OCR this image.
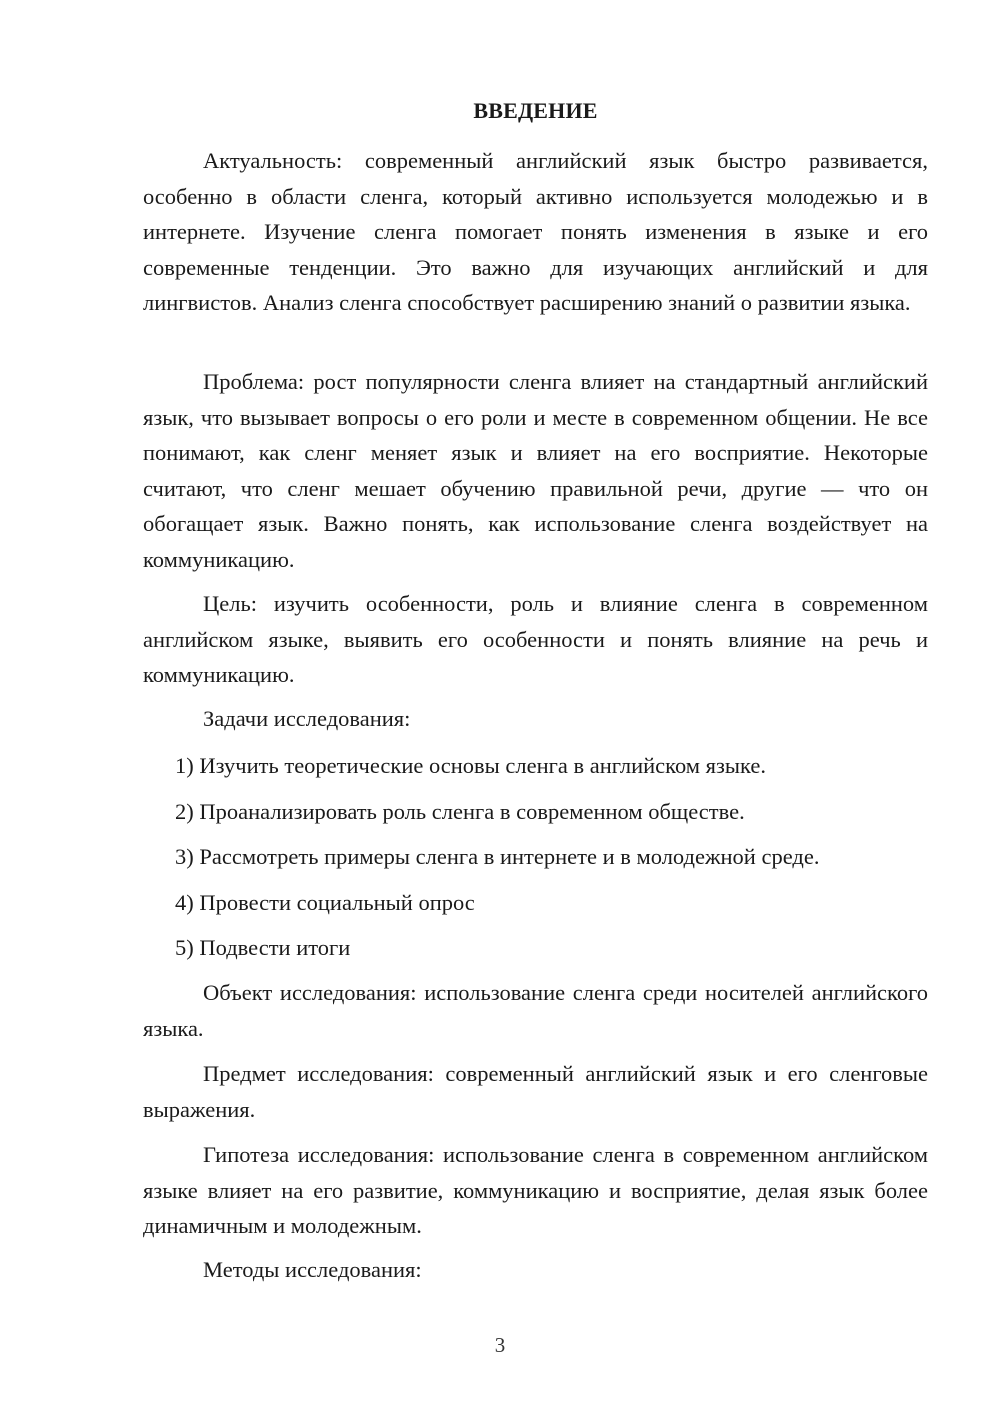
ВВЕДЕНИЕ

Актуальность: современный английский язык быстро развивается, особенно в области сленга, который активно используется молодежью и в интернете. Изучение сленга помогает понять изменения в языке и его современные тенденции. Это важно для изучающих английский и для лингвистов. Анализ сленга способствует расширению знаний о развитии языка.

Проблема: рост популярности сленга влияет на стандартный английский язык, что вызывает вопросы о его роли и месте в современном общении. Не все понимают, как сленг меняет язык и влияет на его восприятие. Некоторые считают, что сленг мешает обучению правильной речи, другие — что он обогащает язык. Важно понять, как использование сленга воздействует на коммуникацию.

Цель: изучить особенности, роль и влияние сленга в современном английском языке, выявить его особенности и понять влияние на речь и коммуникацию.

Задачи исследования:

1) Изучить теоретические основы сленга в английском языке.

2) Проанализировать роль сленга в современном обществе.

3) Рассмотреть примеры сленга в интернете и в молодежной среде.

4) Провести социальный опрос

5) Подвести итоги

Объект исследования: использование сленга среди носителей английского языка.

Предмет исследования: современный английский язык и его сленговые выражения.

Гипотеза исследования: использование сленга в современном английском языке влияет на его развитие, коммуникацию и восприятие, делая язык более динамичным и молодежным.

Методы исследования:

3
